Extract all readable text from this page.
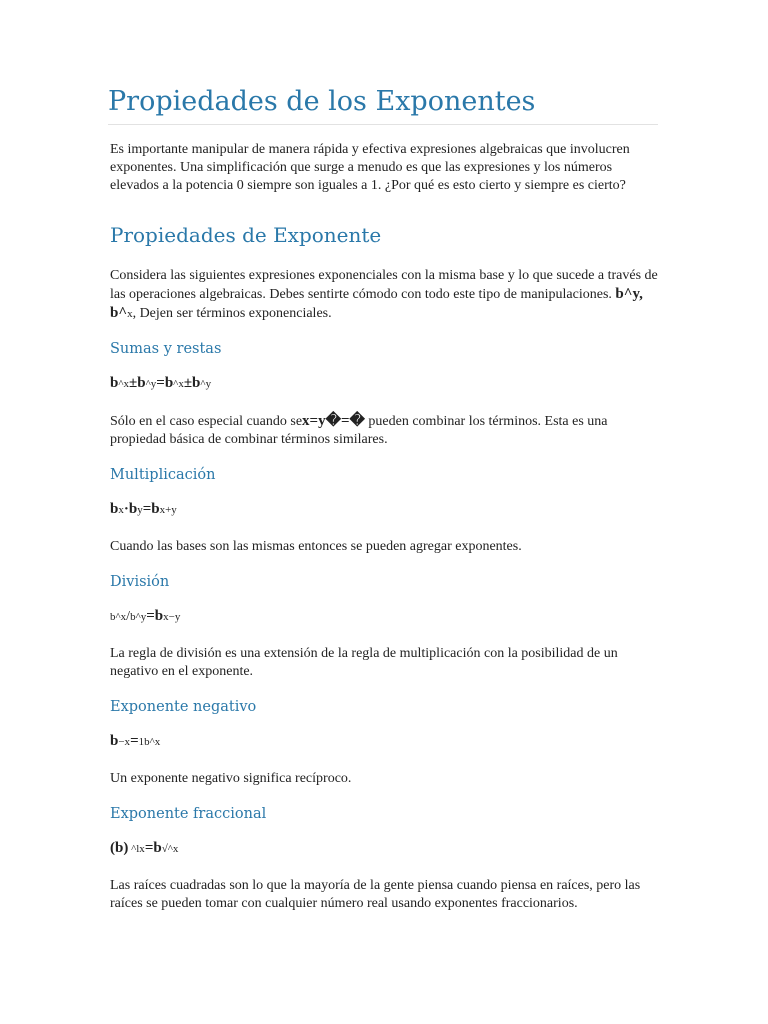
Propiedades de los Exponentes

Es importante manipular de manera rápida y efectiva expresiones algebraicas que involucren exponentes. Una simplificación que surge a menudo es que las expresiones y los números elevados a la potencia 0 siempre son iguales a 1. ¿Por qué es esto cierto y siempre es cierto?

Propiedades de Exponente

Considera las siguientes expresiones exponenciales con la misma base y lo que sucede a través de las operaciones algebraicas. Debes sentirte cómodo con todo este tipo de manipulaciones. b^y, b^x, Dejen ser términos exponenciales.

Sumas y restas
b^x±b^y=b^x±b^y

Sólo en el caso especial cuando sex=y�=� pueden combinar los términos. Esta es una propiedad básica de combinar términos similares.

Multiplicación
bx·by=bx+y

Cuando las bases son las mismas entonces se pueden agregar exponentes.

División
b^x/b^y=bx−y

La regla de división es una extensión de la regla de multiplicación con la posibilidad de un negativo en el exponente.

Exponente negativo
b−x=1b^x

Un exponente negativo significa recíproco.

Exponente fraccional
(b) ^lx=b√^x

Las raíces cuadradas son lo que la mayoría de la gente piensa cuando piensa en raíces, pero las raíces se pueden tomar con cualquier número real usando exponentes fraccionarios.
